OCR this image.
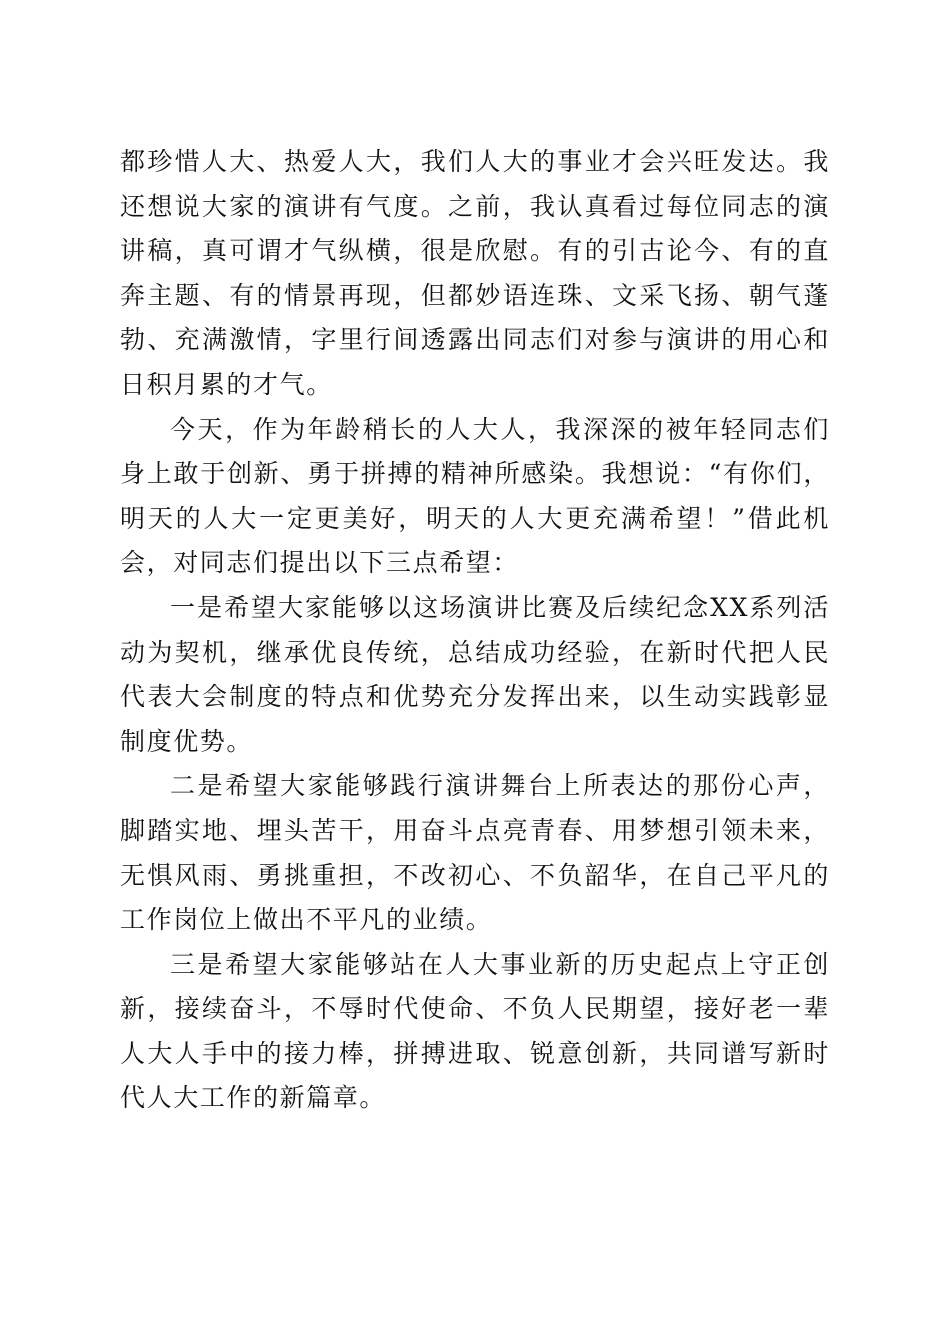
都珍惜人大、热爱人大，我们人大的事业才会兴旺发达。我还想说大家的演讲有气度。之前，我认真看过每位同志的演讲稿，真可谓才气纵横，很是欣慰。有的引古论今、有的直奔主题、有的情景再现，但都妙语连珠、文采飞扬、朝气蓬勃、充满激情，字里行间透露出同志们对参与演讲的用心和日积月累的才气。

今天，作为年龄稍长的人大人，我深深的被年轻同志们身上敢于创新、勇于拼搏的精神所感染。我想说：“有你们，明天的人大一定更美好，明天的人大更充满希望！”借此机会，对同志们提出以下三点希望：

一是希望大家能够以这场演讲比赛及后续纪念XX系列活动为契机，继承优良传统，总结成功经验，在新时代把人民代表大会制度的特点和优势充分发挥出来，以生动实践彰显制度优势。

二是希望大家能够践行演讲舞台上所表达的那份心声，脚踏实地、埋头苦干，用奋斗点亮青春、用梦想引领未来，无惧风雨、勇挑重担，不改初心、不负韶华，在自己平凡的工作岗位上做出不平凡的业绩。

三是希望大家能够站在人大事业新的历史起点上守正创新，接续奋斗，不辱时代使命、不负人民期望，接好老一辈人大人手中的接力棒，拼搏进取、锐意创新，共同谱写新时代人大工作的新篇章。
